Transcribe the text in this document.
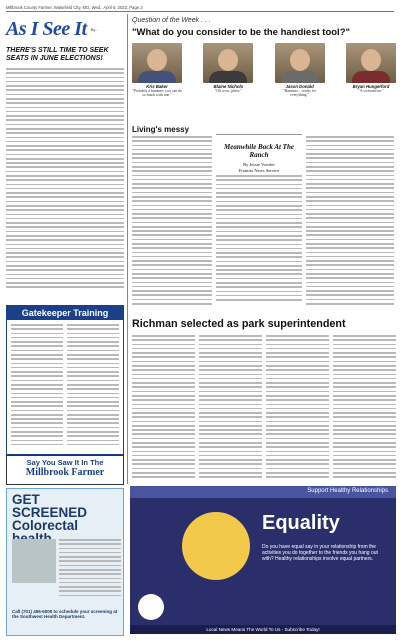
Millbrook County Farmer, Wakefield City, MO, Wed., April 6, 2022, Page 2
As I See It By...
THERE'S STILL TIME TO SEEK SEATS IN JUNE ELECTIONS!
Gatekeeper Training
Question of the Week . . .
"What do you consider to be the handiest tool?"
Kris Baker
"Probably a hammer, you can do so much with one."
Blaine Nichols
"Oh wow, pliers."
Jason Donald
"Hammer – works for everything."
Bryan Hungerford
"A screwdriver."
Living's messy
Meanwhile Back At The Ranch
By Jessie Vowder
Frontier News Service
Richman selected as park superintendent
Say You Saw It In The
Millbrook Farmer
GET SCREENED Colorectal
Call (701) 456-6005 to schedule your screening at the Southwest Health Department.
Support Healthy Relationships
Equality
Do you have equal say in your relationship from the activities you do together to the friends you hang out with? Healthy relationships involve equal partners.
Local News Means The World To Us - Subscribe Today!
